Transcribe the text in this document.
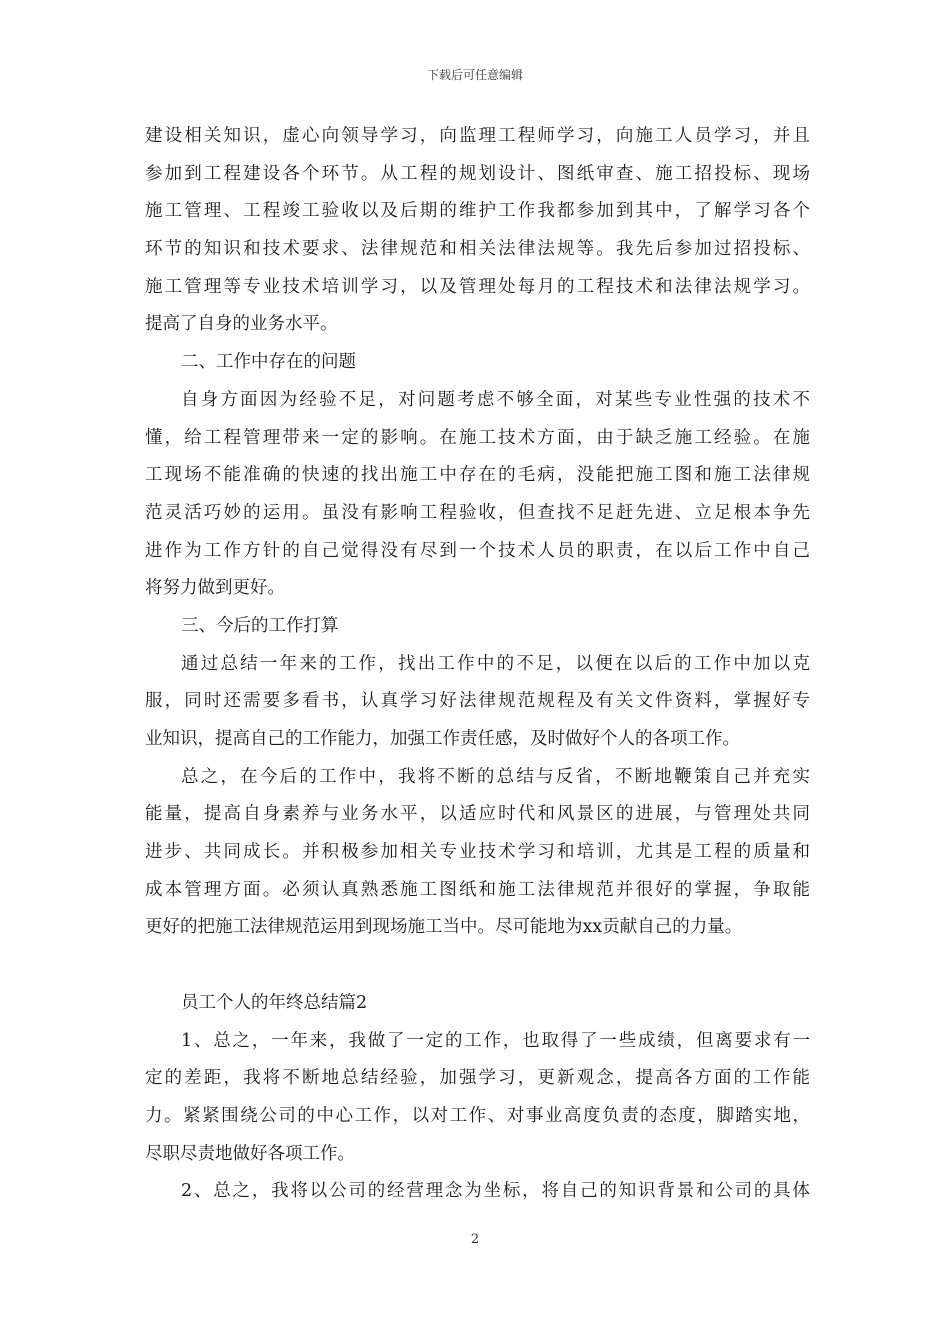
下载后可任意编辑
建设相关知识，虚心向领导学习，向监理工程师学习，向施工人员学习，并且
参加到工程建设各个环节。从工程的规划设计、图纸审查、施工招投标、现场
施工管理、工程竣工验收以及后期的维护工作我都参加到其中，了解学习各个
环节的知识和技术要求、法律规范和相关法律法规等。我先后参加过招投标、
施工管理等专业技术培训学习，以及管理处每月的工程技术和法律法规学习。
提高了自身的业务水平。
二、工作中存在的问题
自身方面因为经验不足，对问题考虑不够全面，对某些专业性强的技术不
懂，给工程管理带来一定的影响。在施工技术方面，由于缺乏施工经验。在施
工现场不能准确的快速的找出施工中存在的毛病，没能把施工图和施工法律规
范灵活巧妙的运用。虽没有影响工程验收，但查找不足赶先进、立足根本争先
进作为工作方针的自己觉得没有尽到一个技术人员的职责，在以后工作中自己
将努力做到更好。
三、今后的工作打算
通过总结一年来的工作，找出工作中的不足，以便在以后的工作中加以克
服，同时还需要多看书，认真学习好法律规范规程及有关文件资料，掌握好专
业知识，提高自己的工作能力，加强工作责任感，及时做好个人的各项工作。
总之，在今后的工作中，我将不断的总结与反省，不断地鞭策自己并充实
能量，提高自身素养与业务水平，以适应时代和风景区的进展，与管理处共同
进步、共同成长。并积极参加相关专业技术学习和培训，尤其是工程的质量和
成本管理方面。必须认真熟悉施工图纸和施工法律规范并很好的掌握，争取能
更好的把施工法律规范运用到现场施工当中。尽可能地为xx贡献自己的力量。
员工个人的年终总结篇2
1、总之，一年来，我做了一定的工作，也取得了一些成绩，但离要求有一
定的差距，我将不断地总结经验，加强学习，更新观念，提高各方面的工作能
力。紧紧围绕公司的中心工作，以对工作、对事业高度负责的态度，脚踏实地，
尽职尽责地做好各项工作。
2、总之，我将以公司的经营理念为坐标，将自己的知识背景和公司的具体
2
